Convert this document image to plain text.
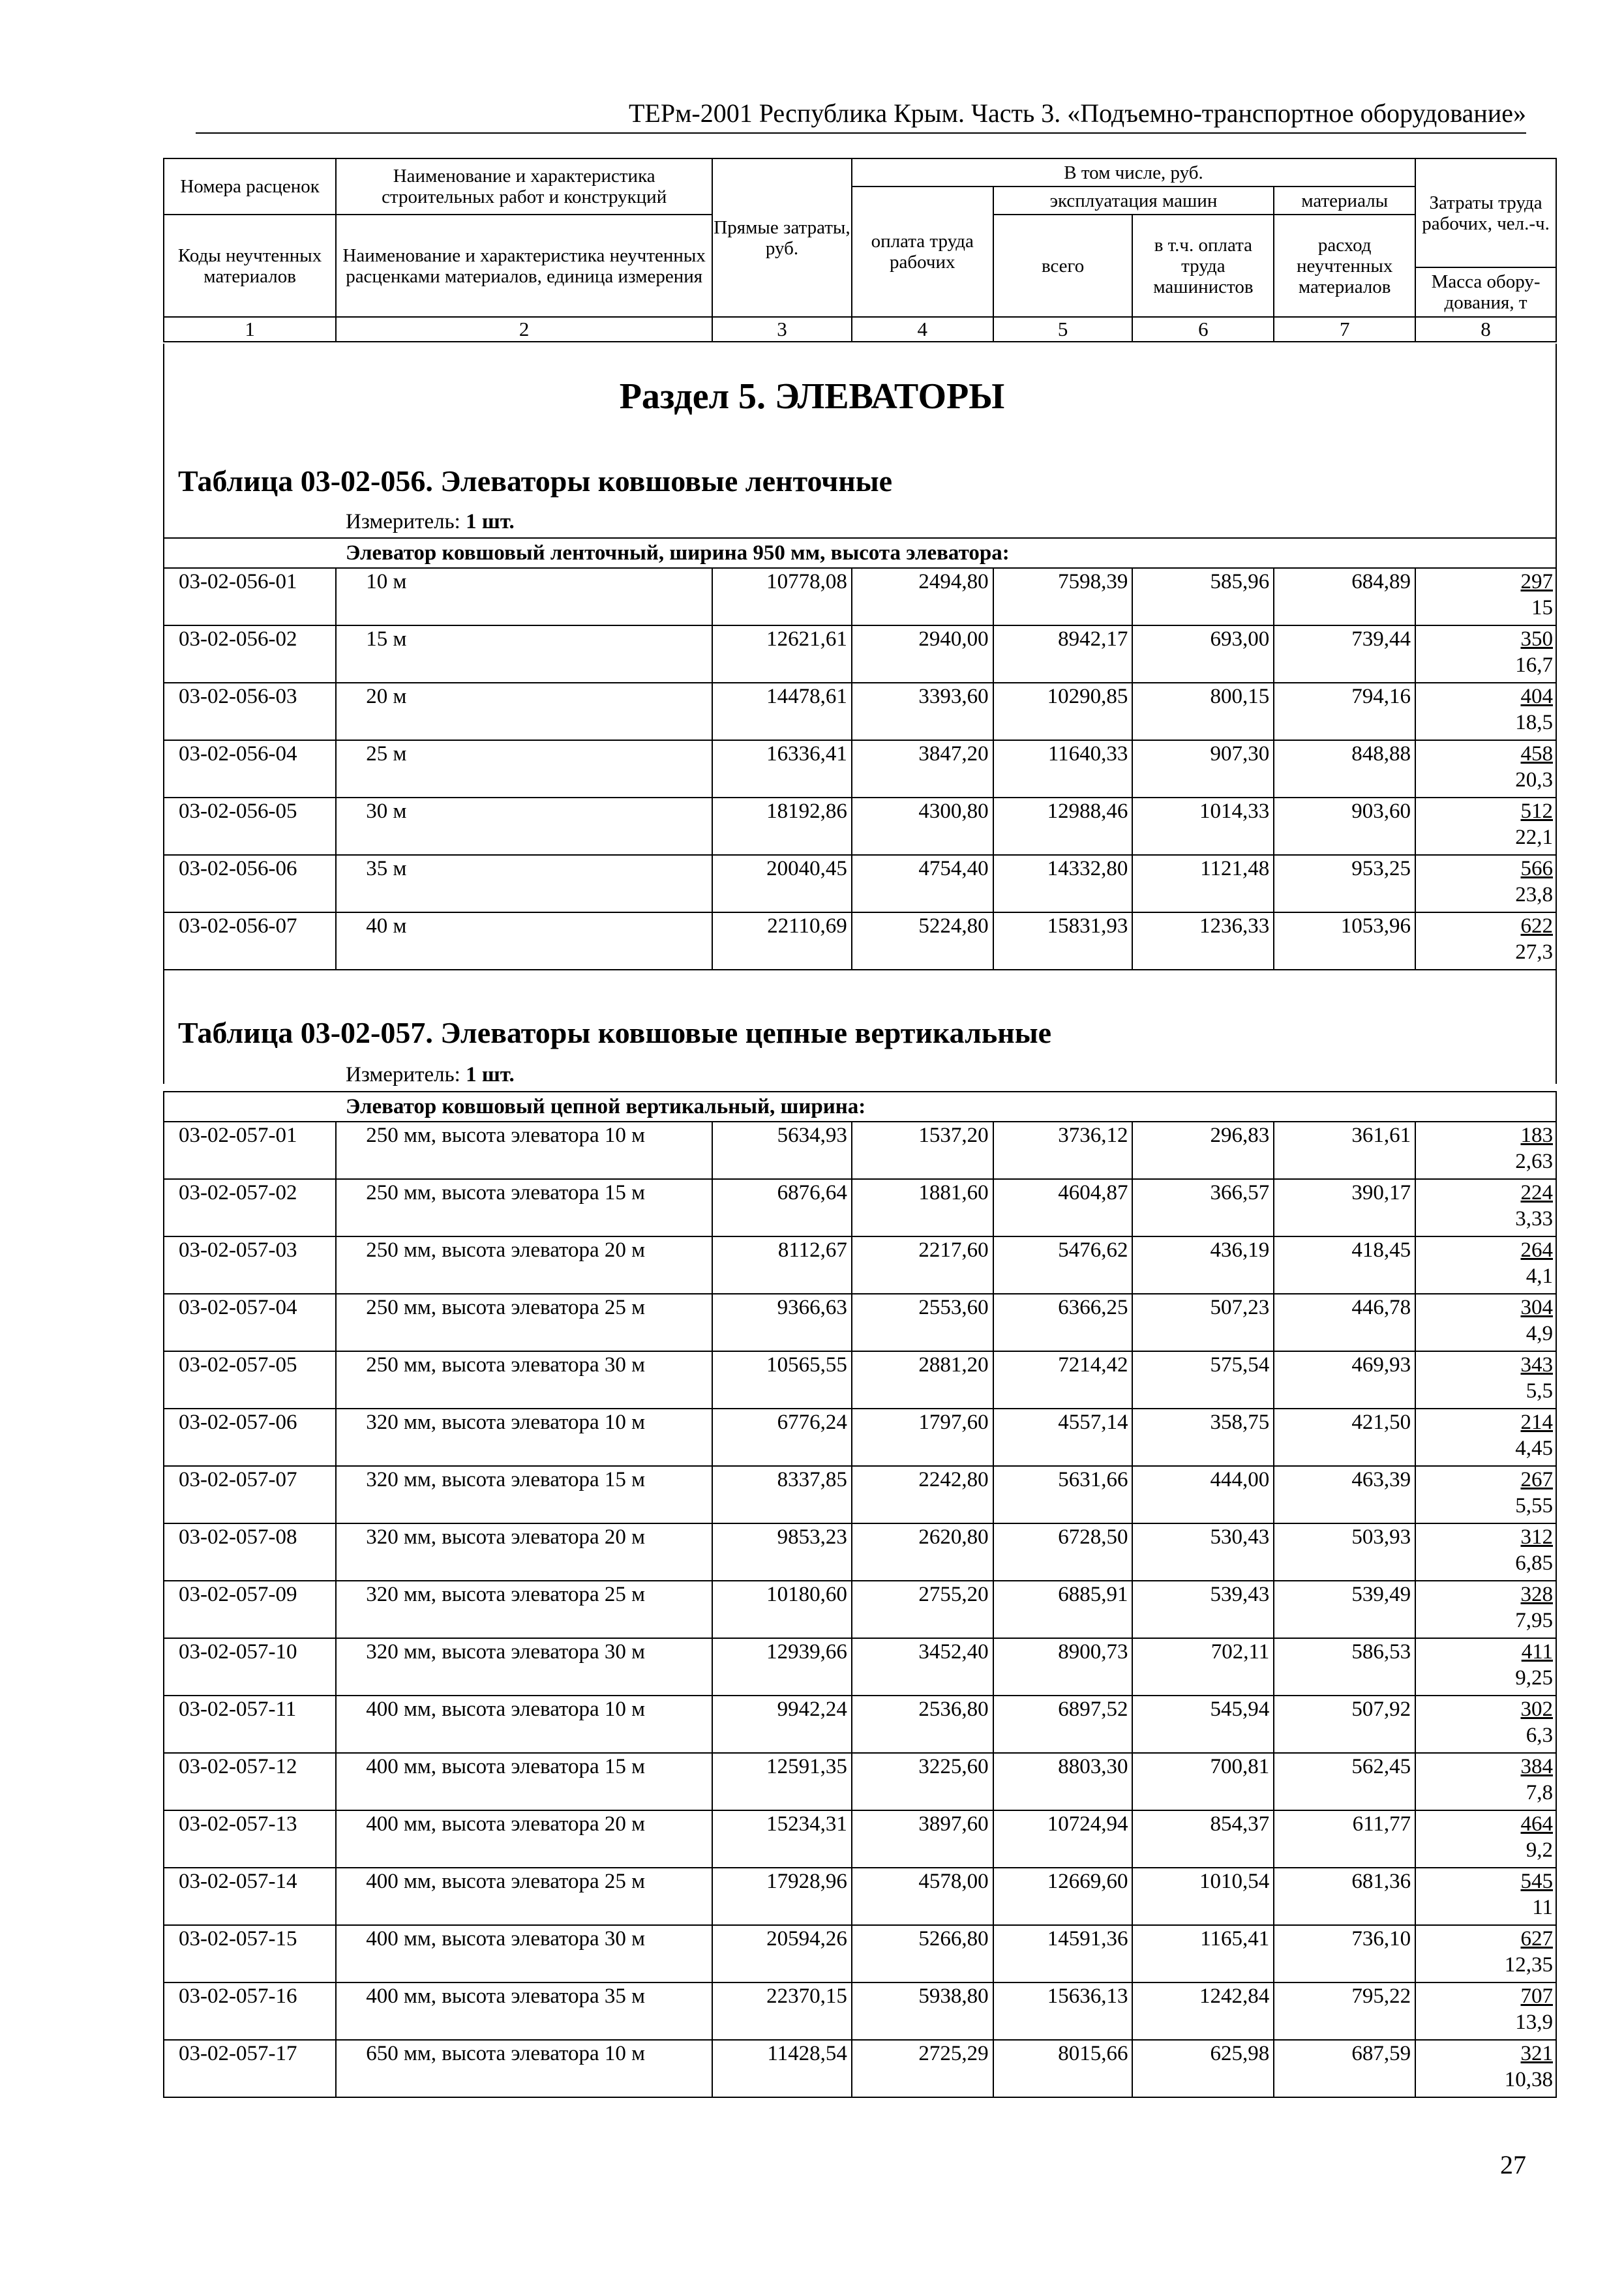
ТЕРм-2001 Республика Крым. Часть 3. «Подъемно-транспортное оборудование»
Номера расценок	Наименование и характеристика строительных работ и конструкций	Прямые затраты, руб.	В том числе, руб.				Затраты труда рабочих, чел.-ч.
			оплата труда рабочих	эксплуатация машин		материалы	
Коды неучтенных материалов	Наименование и характеристика неучтенных расценками материалов, единица измерения			всего	в т.ч. оплата труда машинистов	расход неучтенных материалов	
							Масса обору-дования, т
1	2	3	4	5	6	7	8
Раздел 5. ЭЛЕВАТОРЫ
Таблица 03-02-056. Элеваторы ковшовые ленточные
Измеритель: 1 шт.
Элеватор ковшовый ленточный, ширина 950 мм, высота элеватора:							
03-02-056-01	10 м	10778,08	2494,80	7598,39	585,96	684,89	297
15

03-02-056-02	15 м	12621,61	2940,00	8942,17	693,00	739,44	350
16,7

03-02-056-03	20 м	14478,61	3393,60	10290,85	800,15	794,16	404
18,5

03-02-056-04	25 м	16336,41	3847,20	11640,33	907,30	848,88	458
20,3

03-02-056-05	30 м	18192,86	4300,80	12988,46	1014,33	903,60	512
22,1

03-02-056-06	35 м	20040,45	4754,40	14332,80	1121,48	953,25	566
23,8

03-02-056-07	40 м	22110,69	5224,80	15831,93	1236,33	1053,96	622
27,3
Таблица 03-02-057. Элеваторы ковшовые цепные вертикальные
Измеритель: 1 шт.
Элеватор ковшовый цепной вертикальный, ширина:							
03-02-057-01	250 мм, высота элеватора 10 м	5634,93	1537,20	3736,12	296,83	361,61	183
2,63

03-02-057-02	250 мм, высота элеватора 15 м	6876,64	1881,60	4604,87	366,57	390,17	224
3,33

03-02-057-03	250 мм, высота элеватора 20 м	8112,67	2217,60	5476,62	436,19	418,45	264
4,1

03-02-057-04	250 мм, высота элеватора 25 м	9366,63	2553,60	6366,25	507,23	446,78	304
4,9

03-02-057-05	250 мм, высота элеватора 30 м	10565,55	2881,20	7214,42	575,54	469,93	343
5,5

03-02-057-06	320 мм, высота элеватора 10 м	6776,24	1797,60	4557,14	358,75	421,50	214
4,45

03-02-057-07	320 мм, высота элеватора 15 м	8337,85	2242,80	5631,66	444,00	463,39	267
5,55

03-02-057-08	320 мм, высота элеватора 20 м	9853,23	2620,80	6728,50	530,43	503,93	312
6,85

03-02-057-09	320 мм, высота элеватора 25 м	10180,60	2755,20	6885,91	539,43	539,49	328
7,95

03-02-057-10	320 мм, высота элеватора 30 м	12939,66	3452,40	8900,73	702,11	586,53	411
9,25

03-02-057-11	400 мм, высота элеватора 10 м	9942,24	2536,80	6897,52	545,94	507,92	302
6,3

03-02-057-12	400 мм, высота элеватора 15 м	12591,35	3225,60	8803,30	700,81	562,45	384
7,8

03-02-057-13	400 мм, высота элеватора 20 м	15234,31	3897,60	10724,94	854,37	611,77	464
9,2

03-02-057-14	400 мм, высота элеватора 25 м	17928,96	4578,00	12669,60	1010,54	681,36	545
11

03-02-057-15	400 мм, высота элеватора 30 м	20594,26	5266,80	14591,36	1165,41	736,10	627
12,35

03-02-057-16	400 мм, высота элеватора 35 м	22370,15	5938,80	15636,13	1242,84	795,22	707
13,9

03-02-057-17	650 мм, высота элеватора 10 м	11428,54	2725,29	8015,66	625,98	687,59	321
10,38
27
